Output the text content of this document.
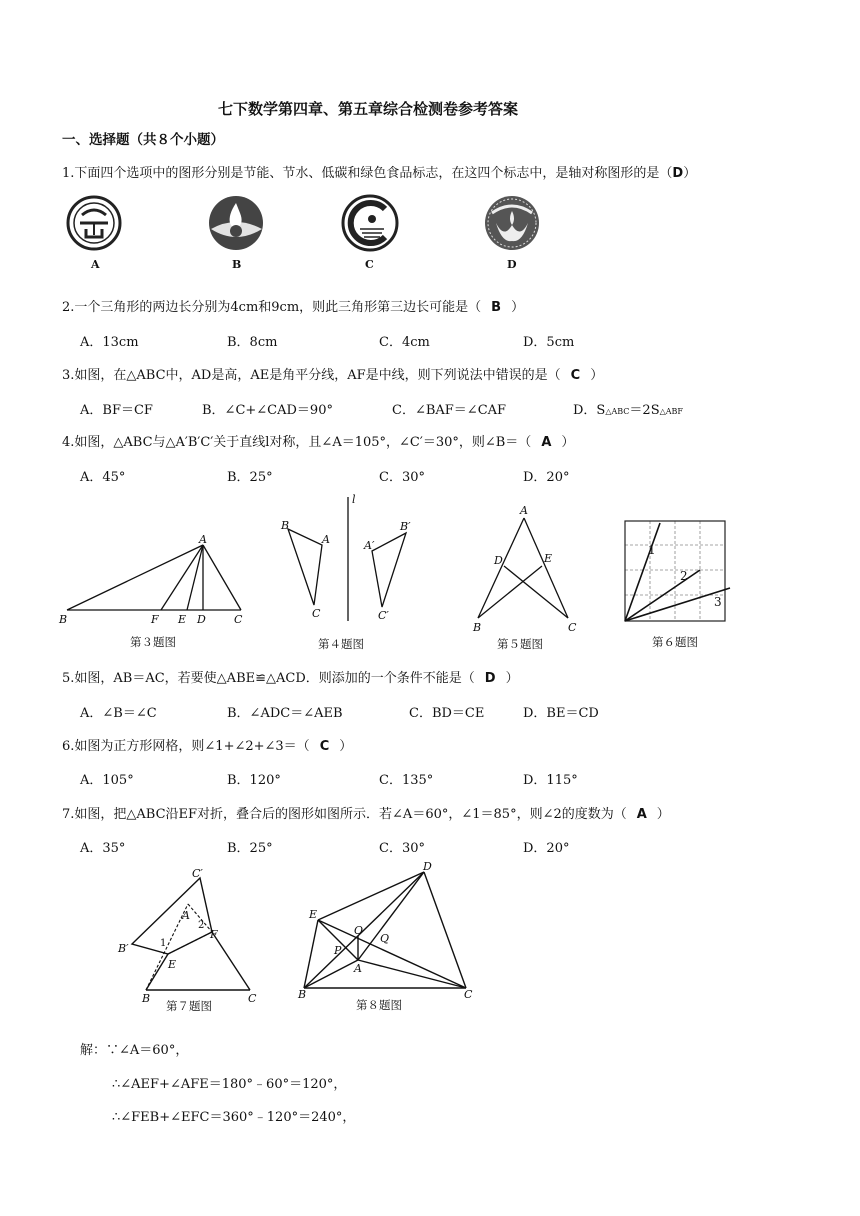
七下数学第四章、第五章综合检测卷参考答案
一、选择题（共８个小题）
1.下面四个选项中的图形分别是节能、节水、低碳和绿色食品标志，在这四个标志中，是轴对称图形的是（D）
A	B	C	D
2.一个三角形的两边长分别为4cm和9cm，则此三角形第三边长可能是（ B ）
A．13cm	B．8cm	C．4cm	D．5cm
3.如图，在△ABC中，AD是高，AE是角平分线，AF是中线，则下列说法中错误的是（ C ）
A．BF＝CF	B．∠C+∠CAD＝90°	C．∠BAF＝∠CAF	D．S△ABC＝2S△ABF
4.如图，△ABC与△A′B′C′关于直线l对称，且∠A＝105°，∠C′＝30°，则∠B＝（ A ）
A．45°	B．25°	C．30°	D．20°
A
B	F E D	C
l
B
A
C
A′
B′
C′
A
D	E
B	C
1
2
3
第３题图	第４题图	第５题图	第６题图
5.如图，AB＝AC，若要使△ABE≌△ACD．则添加的一个条件不能是（ D ）
A．∠B＝∠C	B．∠ADC＝∠AEB	C．BD＝CE	D．BE＝CD
6.如图为正方形网格，则∠1+∠2+∠3＝（ C ）
A．105°	B．120°	C．135°	D．115°
7.如图，把△ABC沿EF对折，叠合后的图形如图所示．若∠A＝60°，∠1＝85°，则∠2的度数为（ A ）
A．35°	B．25°	C．30°	D．20°
C′
A
2
F
B′	1
E
B	C
D
E
O
Q
P
A
B	C
第７题图	第８题图
解：∵∠A＝60°，
∴∠AEF+∠AFE＝180°﹣60°＝120°，
∴∠FEB+∠EFC＝360°﹣120°＝240°，
